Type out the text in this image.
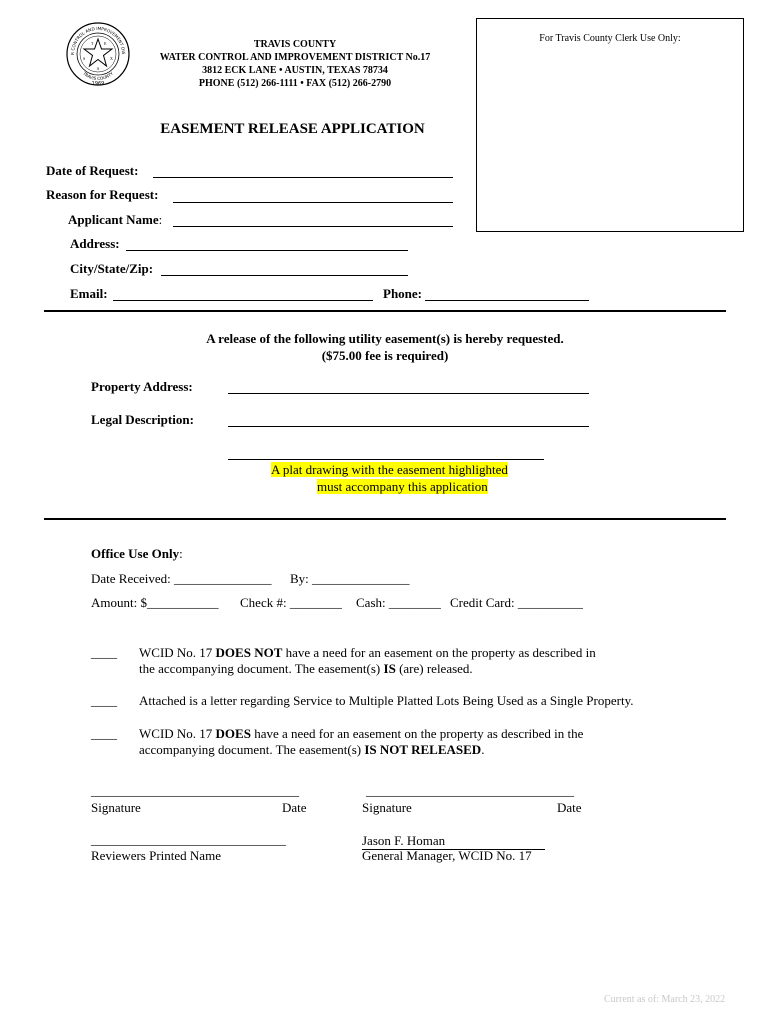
R CONTROL AND IMPROVEMENT DIS
TRAVIS COUNTY
T	E
X
A
S
1969
TRAVIS COUNTY
WATER CONTROL AND IMPROVEMENT DISTRICT No.17
3812 ECK LANE • AUSTIN, TEXAS 78734
PHONE (512) 266-1111 • FAX (512) 266-2790
For Travis County Clerk Use Only:
EASEMENT RELEASE APPLICATION
Date of Request:
Reason for Request:
Applicant Name:
Address:
City/State/Zip:
Email:	Phone:
A release of the following utility easement(s) is hereby requested.
($75.00 fee is required)
Property Address:
Legal Description:
A plat drawing with the easement highlighted
must accompany this application
Office Use Only:
Date Received: _______________ By: _______________
Amount: $___________ Check #: ________ Cash: ________ Credit Card: __________
____ WCID No. 17 DOES NOT have a need for an easement on the property as described in
the accompanying document. The easement(s) IS (are) released.
____ Attached is a letter regarding Service to Multiple Platted Lots Being Used as a Single Property.
____ WCID No. 17 DOES have a need for an easement on the property as described in the
accompanying document. The easement(s) IS NOT RELEASED.
________________________________
Signature	Date
________________________________
Signature	Date
______________________________
Reviewers Printed Name
Jason F. Homan
General Manager, WCID No. 17
Current as of: March 23, 2022
